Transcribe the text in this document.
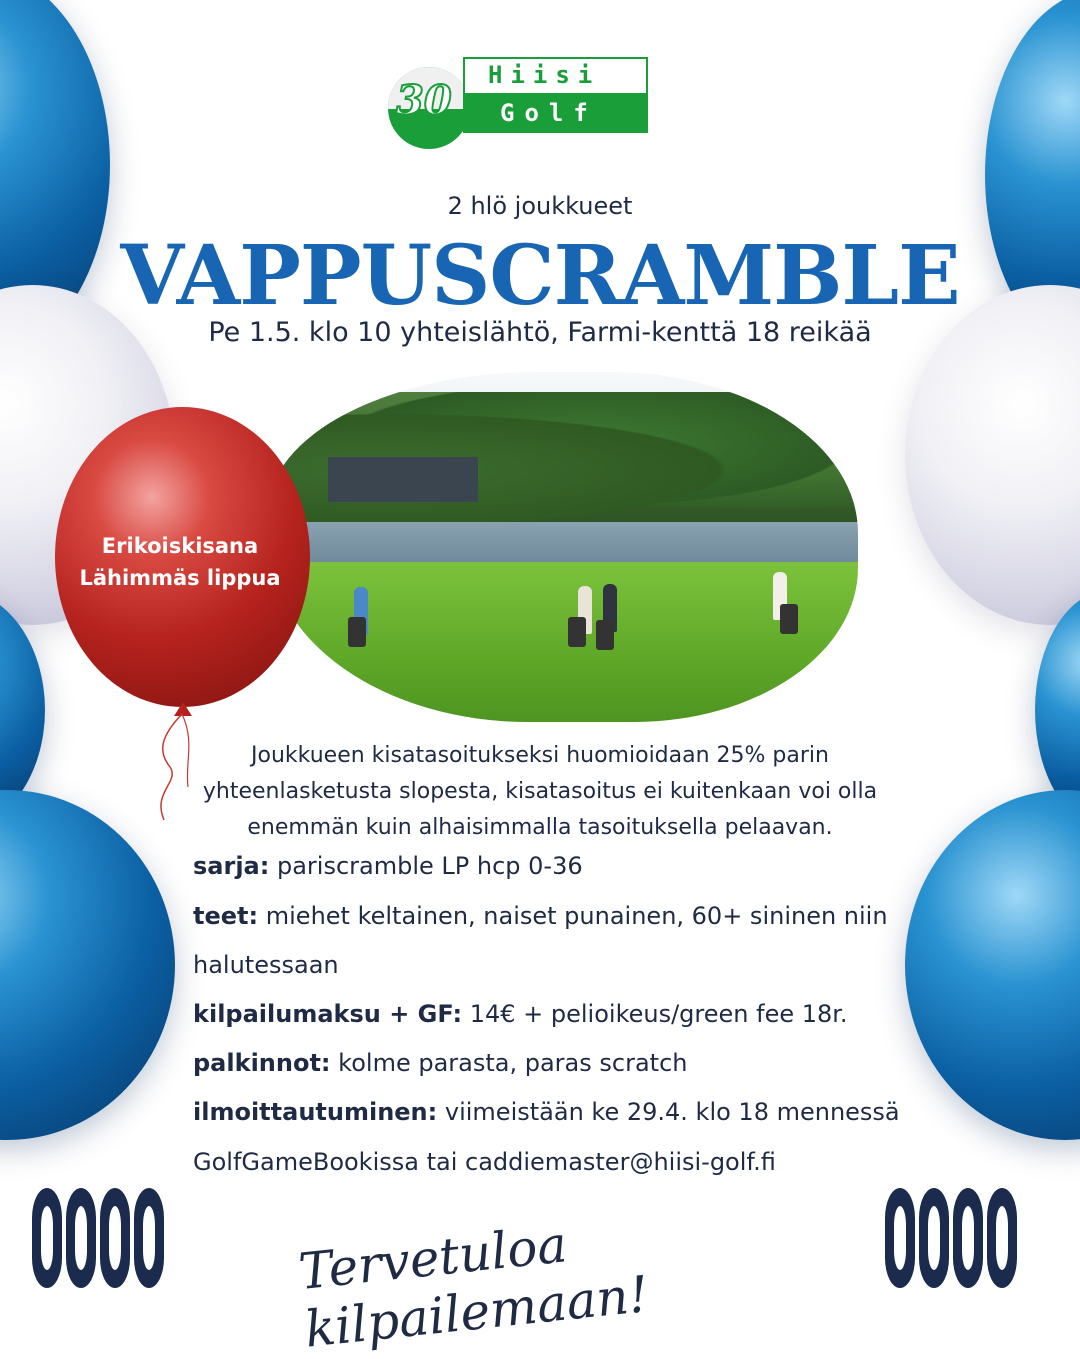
30
Hiisi
Golf
2 hlö joukkueet
VAPPUSCRAMBLE
Pe 1.5. klo 10 yhteislähtö, Farmi-kenttä 18 reikää
Erikoiskisana
Lähimmäs lippua
Joukkueen kisatasoitukseksi huomioidaan 25% parin
yhteenlasketusta slopesta, kisatasoitus ei kuitenkaan voi olla
enemmän kuin alhaisimmalla tasoituksella pelaavan.
sarja: pariscramble LP hcp 0-36
teet: miehet keltainen, naiset punainen, 60+ sininen niin
halutessaan
kilpailumaksu + GF: 14€ + pelioikeus/green fee 18r.
palkinnot: kolme parasta, paras scratch
ilmoittautuminen: viimeistään ke 29.4. klo 18 mennessä
GolfGameBookissa tai caddiemaster@hiisi-golf.fi
Tervetuloa kilpailemaan!
